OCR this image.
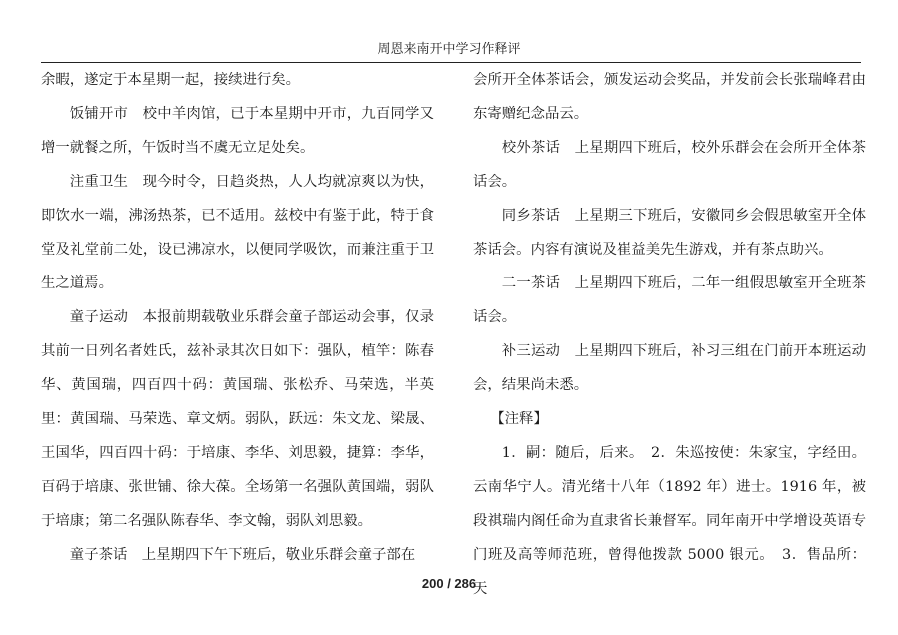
周恩来南开中学习作释评

余暇，遂定于本星期一起，接续进行矣。

饭铺开市 校中羊肉馆，已于本星期中开市，九百同学又增一就餐之所，午饭时当不虞无立足处矣。

注重卫生 现今时令，日趋炎热，人人均就凉爽以为快，即饮水一端，沸汤热茶，已不适用。兹校中有鉴于此，特于食堂及礼堂前二处，设已沸凉水，以便同学吸饮，而兼注重于卫生之道焉。

童子运动 本报前期载敬业乐群会童子部运动会事，仅录其前一日列名者姓氏，兹补录其次日如下：强队，植竿：陈春华、黄国瑞，四百四十码：黄国瑞、张松乔、马荣选，半英里：黄国瑞、马荣选、章文炳。弱队，跃远：朱文龙、梁晟、王国华，四百四十码：于培康、李华、刘思毅，捷算：李华，百码于培康、张世铺、徐大葆。全场第一名强队黄国端，弱队于培康；第二名强队陈春华、李文翰，弱队刘思毅。

童子茶话 上星期四下午下班后，敬业乐群会童子部在

会所开全体茶话会，颁发运动会奖品，并发前会长张瑞峰君由东寄赠纪念品云。

校外茶话 上星期四下班后，校外乐群会在会所开全体茶话会。

同乡茶话 上星期三下班后，安徽同乡会假思敏室开全体茶话会。内容有演说及崔益美先生游戏，并有茶点助兴。

二一茶话 上星期四下班后，二年一组假思敏室开全班茶话会。

补三运动 上星期四下班后，补习三组在门前开本班运动会，结果尚未悉。

【注释】

1．嗣：随后，后来。　2．朱巡按使：朱家宝，字经田。云南华宁人。清光绪十八年（1892 年）进士。1916 年，被段祺瑞内阁任命为直隶省长兼督军。同年南开中学增设英语专门班及高等师范班，曾得他拨款 5000 银元。　3．售品所：天

200 / 286
